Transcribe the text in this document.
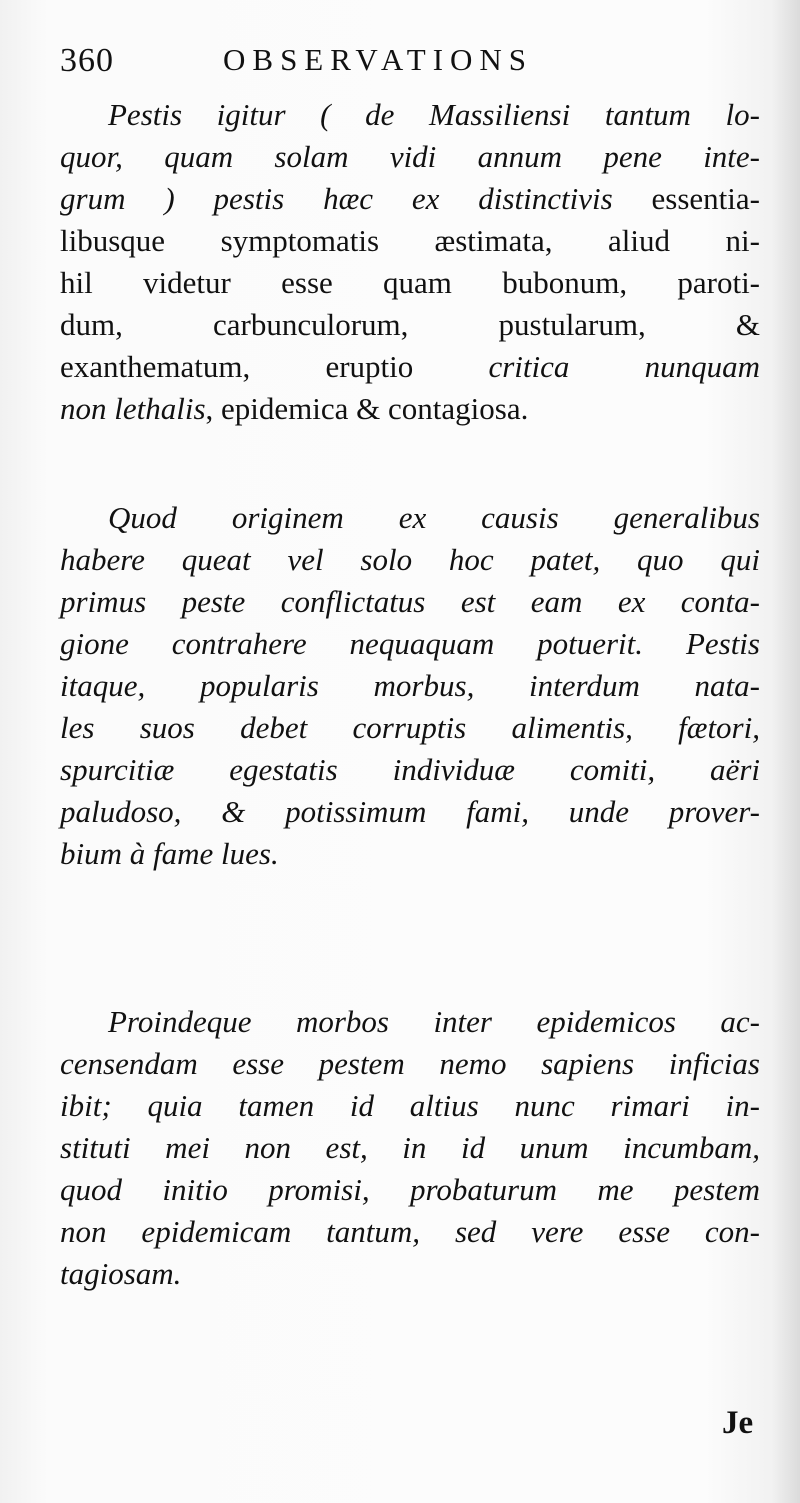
360	OBSERVATIONS
Pestis igitur ( de Massiliensi tantum lo-
quor, quam solam vidi annum pene inte-
grum ) pestis hæc ex distinctivis essentia-
libusque symptomatis æstimata, aliud ni-
hil videtur esse quam bubonum, paroti-
dum, carbunculorum, pustularum, &
exanthematum, eruptio critica nunquam
non lethalis, epidemica & contagiosa.
Quod originem ex causis generalibus
habere queat vel solo hoc patet, quo qui
primus peste conflictatus est eam ex conta-
gione contrahere nequaquam potuerit. Pestis
itaque, popularis morbus, interdum nata-
les suos debet corruptis alimentis, fætori,
spurcitiæ egestatis individuæ comiti, aëri
paludoso, & potissimum fami, unde prover-
bium à fame lues.
Proindeque morbos inter epidemicos ac-
censendam esse pestem nemo sapiens inficias
ibit; quia tamen id altius nunc rimari in-
stituti mei non est, in id unum incumbam,
quod initio promisi, probaturum me pestem
non epidemicam tantum, sed vere esse con-
tagiosam.
Je
